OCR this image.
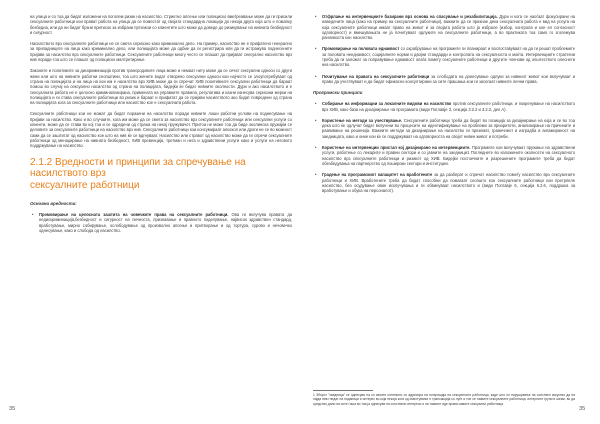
на улица и со тоа да бидат изложени на поголем ризик на насилство. Стриктно апсење или полициско вмеѓреавање може да ги присили сексуалните работници кои прават работа на улица да се поместат од својата стандардна локација до некоја друга која што е помалку безбедна, или да ни бидат брзни притисок за избрани пртизкои со клиентите што може да доведе до ризикување на нивната безбедност и сигурност.

Насилството врз сексуалните работници не се смета сериозно како криминално дело. На пример, насилство не е прифатено генерално за припадниците на лица како криминално дело, или полицијата може да одбие да ги регистрира или да ги истражува поднесените пријави за насилство врз сексуалните работници. Сексуалните работници многу често се плашат да пријават сексуално насилство врз нив поради тоа што се плашат од полициско малтретирање.

Законите и политиките за дискриминација против трансродовите лица може и немаат ниту може да се сечат сексуални односи со други жени или што на нивните работни сеопштини, тоа што жените водат отворено сексуални односи кои најчесто се злоупотребуваат од страна на полицијата и на лица на кои им е насилство врз ХИВ може да ги спречат ХИВ позитивните сексуални работници да бараат помош во случај на сексуално насилство од страна на полицијата, бидејќи ќе бидат нивните околности. Дури и ако насилството и е сексуалната работа не е целосно криминализирана, примената на управните правила, регулатива и казни изнесува сериозни мерки на полицијата и ги става сексуалните работници во ризик и бараат и прифатат да се пријави насилството ако бидат повредени од страна на полицијата кога за сексуалните работници или насилство кое е сексуалната работа.

Сексуалните работници кои не можат да бидат поразени на насилство поради нивните лоши работни услови на поднесување на пријави за насилство. Како и во случаите, кога им може да се смета за насилство врз сексуалните работници или сексуални услуги со клиенти, може да се стави во кој тоа и се одредени од страна на некој пружувачот. Притоа не може тоа да биде околинска пружајќи се деловите за сексуалните работници на насилство врз нив. Сексуалните работници кои консумираат алкохол или дроги не се во можност сами да се заштитат од насилство кое што на нив ќе се вдгнуваат. Насилство или стравот од насилство може да ги спречи сексуалните работници од менаџирање на нивната безбедност, ХИВ превенција, третман и нега и здравствени услуги како и услуги на неговото поддржување на насилство.

2.1.2 Вредности и принципи за спречување на
насилството врз
сексуалните работници
Основни вредности:
• Промовирање на целосната заштита на човечките права на сексуалните работници. Ова ги вклучува правата да недискриминација,безбедност и сигурност на личноста, признавање и правното поделување, највисок здравствен стандард, вработување, мирно собирување, ослободување од произволно апсење и притворање и од тортура, сурово и нечовечко однесување, како и слобода од насилство.
• Отфрлање на интервенциите базирани врз основа на спасување и рехабилитација. Дури и кога се наоѓаат фокусирани на наведените лица (како на пример на сексуалните работници), важните да се признае дека сексуалната работа е вид на услуга на која сексуалните работници имаат право на живот и за својата работа што ја избрале (избор, контрола и кон ел согласност одговорност) и вмешувањата не ја почитуваат одлуките на сексуалните работници, а во практиката тоа само го зголемува ранливоста кон насилство.
• Промовирање на половата еднаквост со охрабрување на програмите ги планираат и воспоставуваат на да ги решат проблемите за половата нееднаквост, социјалните норми и двојни стандарди и контролата на сексуалноста и моќта. Интервенциите стратегии треба да ги заложат за поправување еднаквост опаѓа помеѓу сексуалните работници и другите членови од општеството олеснети низ насилство.
• Почитување на правата на сексуалните работници за слободата на донесување одлуки за нивниот живот кои вклучуваат и право да учествуваат и да бидат ефикасно консултирани за сите прашања кои ги засегаат нивните лични права.
Програмски принципи
• Собирање на информации за локалните видови на насилство против сексуалните работници, и покренување на насилството врз ХИВ, како база на дизајнирање на програмата (види Поглавје 3, секција 3.2.2 и 3.2.2, дел А).
• Користење на методи за учествување. Сексуалните работници треба да бидат во позиција за дизајнирање на која и се во тоа дека што ќе одлучат бидат вклучени во процесите на идентификување на проблеми за приоритети, анализирање на причините и развивање на решенија. Важните методи за дизајнирање на насилство ги преземат, граничниот и изградба и ангажираност на заедницата, како и оние кои ќе се поддржуваат на одговорноста на својот нивен живот и потреби.
• Користење на интервенции пристап кој дизајнирано на интервенциите. Програмите кои вклучуваат пружање на здравствени услуги, работење со лекарите и правни сектори и со јавните на заедници1 Погледнете во изложените околности на сексуалното насилство врз сексуалните работници и ризикот од ХИВ. Бидејќи постоечките и разрешените програмите треба да бидат обезбедувања на партнерство од пошироки сектори и институции.
• Градење на програмскиот капацитет на вработените за да разберат и спречат насилство помеѓу насилство врз сексуалните работници и ХИВ. Вработените треба да бидат способни да помагаат сеопшто кон сексуалните работници кои претрпеле насилство, без осудување овие исклучувања и ги обвинуваат насилството и (види Поглавје 6, секција 6.2.6, поддршка за вработување и обука на персоналот).

1 Зборот "заедница" се однесува на со своите контексти со адресира на популација на сексуалните работници, каде што по нарушување на сопствен искуство да на најда нив гледат на поданици и интерес во која некоја кога од сместување е трансакција со луѓе и тие се таквите сексуалните работници, интерните групи и шеми, во да средство дали на сите ѓоша во таа ја однесува на сопствени интереси и на таквите иде права самите сексуални работници.

35	35
